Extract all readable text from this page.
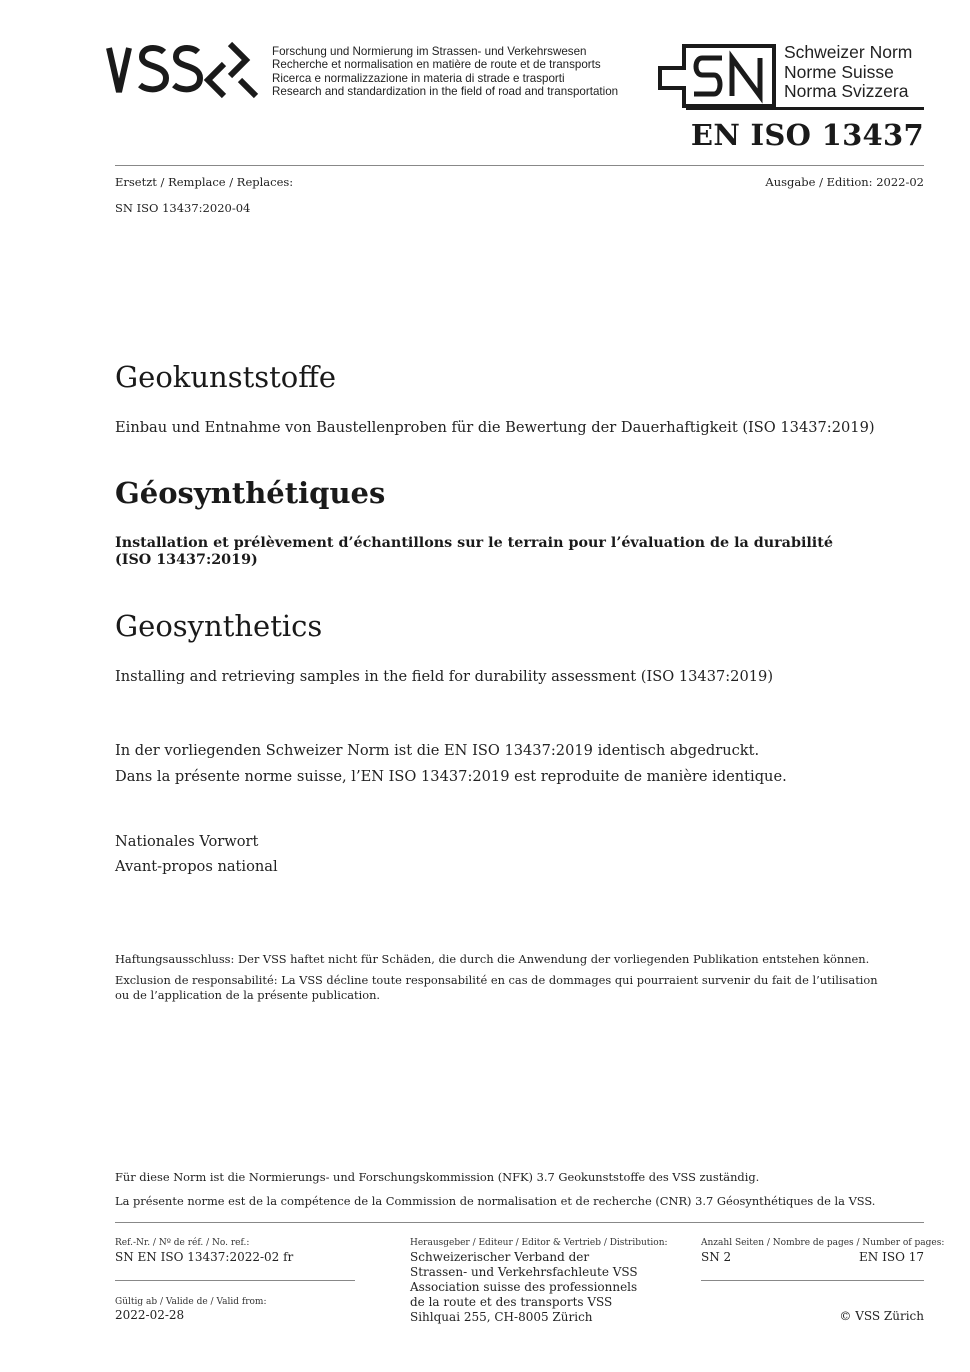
Forschung und Normierung im Strassen- und Verkehrswesen
Recherche et normalisation en matière de route et de transports
Ricerca e normalizzazione in materia di strade e trasporti
Research and standardization in the field of road and transportation
Schweizer Norm
Norme Suisse
Norma Svizzera
EN ISO 13437
Ersetzt / Remplace / Replaces:	Ausgabe / Edition: 2022-02
SN ISO 13437:2020-04
Geokunststoffe
Einbau und Entnahme von Baustellenproben für die Bewertung der Dauerhaftigkeit (ISO 13437:2019)
Géosynthétiques
Installation et prélèvement d’échantillons sur le terrain pour l’évaluation de la durabilité
(ISO 13437:2019)
Geosynthetics
Installing and retrieving samples in the field for durability assessment (ISO 13437:2019)
In der vorliegenden Schweizer Norm ist die EN ISO 13437:2019 identisch abgedruckt.
Dans la présente norme suisse, l’EN ISO 13437:2019 est reproduite de manière identique.
Nationales Vorwort
Avant-propos national
Haftungsausschluss: Der VSS haftet nicht für Schäden, die durch die Anwendung der vorliegenden Publikation entstehen können.
Exclusion de responsabilité: La VSS décline toute responsabilité en cas de dommages qui pourraient survenir du fait de l’utilisation
ou de l’application de la présente publication.
Für diese Norm ist die Normierungs- und Forschungskommission (NFK) 3.7 Geokunststoffe des VSS zuständig.
La présente norme est de la compétence de la Commission de normalisation et de recherche (CNR) 3.7 Géosynthétiques de la VSS.
Ref.-Nr. / Nº de réf. / No. ref.:
SN EN ISO 13437:2022-02 fr
Gültig ab / Valide de / Valid from:
2022-02-28
Herausgeber / Editeur / Editor & Vertrieb / Distribution:
Schweizerischer Verband der
Strassen- und Verkehrsfachleute VSS
Association suisse des professionnels
de la route et des transports VSS
Sihlquai 255, CH-8005 Zürich
Anzahl Seiten / Nombre de pages / Number of pages:
SN 2	EN ISO 17
© VSS Zürich
